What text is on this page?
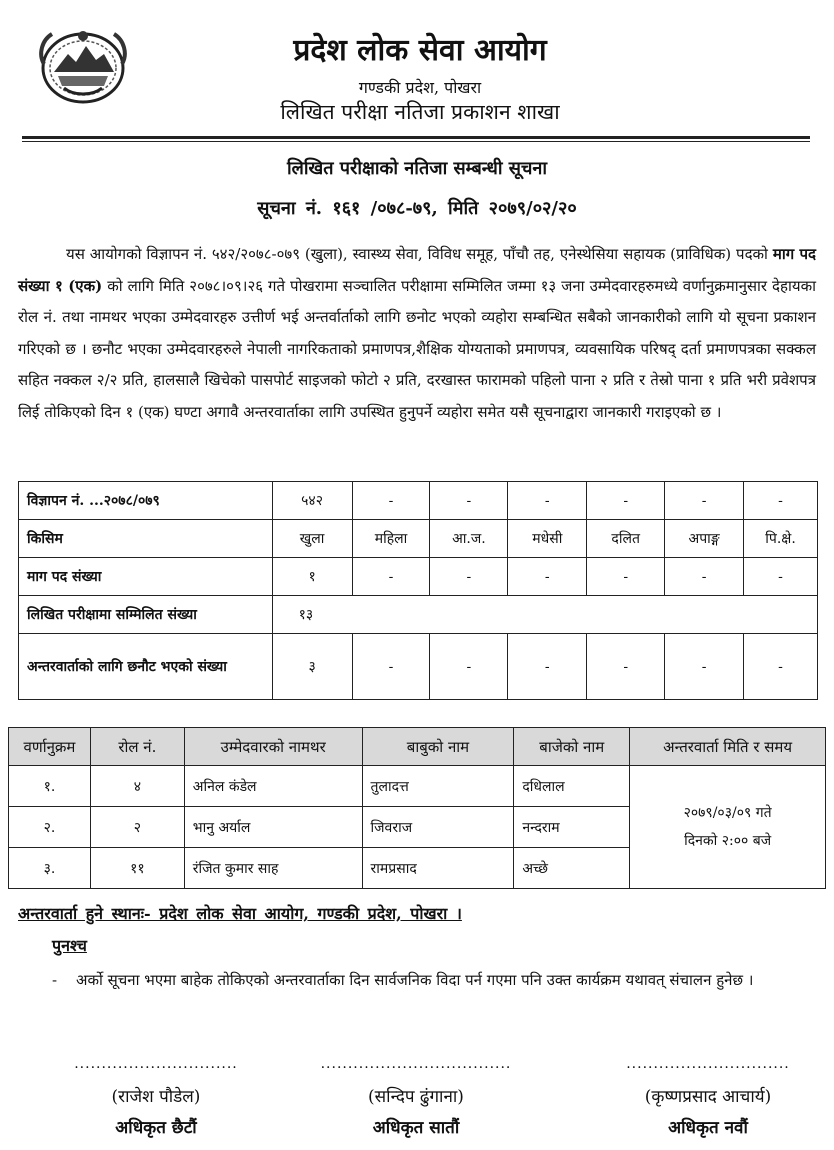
प्रदेश लोक सेवा आयोग
गण्डकी प्रदेश, पोखरा
लिखित परीक्षा नतिजा प्रकाशन शाखा
लिखित परीक्षाको नतिजा सम्बन्धी सूचना
सूचना नं. १६१ /०७८-७९, मिति २०७९/०२/२०
यस आयोगको विज्ञापन नं. ५४२/२०७८-०७९ (खुला), स्वास्थ्य सेवा, विविध समूह, पाँचौ तह, एनेस्थेसिया सहायक (प्राविधिक) पदको माग पद संख्या १ (एक) को लागि मिति २०७८।०९।२६ गते पोखरामा सञ्चालित परीक्षामा सम्मिलित जम्मा १३ जना उम्मेदवारहरुमध्ये वर्णानुक्रमानुसार देहायका रोल नं. तथा नामथर भएका उम्मेदवारहरु उत्तीर्ण भई अन्तर्वार्ताको लागि छनोट भएको व्यहोरा सम्बन्धित सबैको जानकारीको लागि यो सूचना प्रकाशन गरिएको छ । छनौट भएका उम्मेदवारहरुले नेपाली नागरिकताको प्रमाणपत्र,शैक्षिक योग्यताको प्रमाणपत्र, व्यवसायिक परिषद् दर्ता प्रमाणपत्रका सक्कल सहित नक्कल २/२ प्रति, हालसालै खिचेको पासपोर्ट साइजको फोटो २ प्रति, दरखास्त फारामको पहिलो पाना २ प्रति र तेस्रो पाना १ प्रति भरी प्रवेशपत्र लिई तोकिएको दिन १ (एक) घण्टा अगावै अन्तरवार्ताका लागि उपस्थित हुनुपर्ने व्यहोरा समेत यसै सूचनाद्वारा जानकारी गराइएको छ ।
विज्ञापन नं. ...२०७८/०७९	५४२	-	-	-	-	-	-
किसिम	खुला	महिला	आ.ज.	मधेसी	दलित	अपाङ्ग	पि.क्षे.
माग पद संख्या	१	-	-	-	-	-	-
लिखित परीक्षामा सम्मिलित संख्या	१३						
अन्तरवार्ताको लागि छनौट भएको संख्या	३	-	-	-	-	-	-
वर्णानुक्रम	रोल नं.	उम्मेदवारको नामथर	बाबुको नाम	बाजेको नाम	अन्तरवार्ता मिति र समय
१.	४	अनिल कंडेल	तुलादत्त	दधिलाल	२०७९/०३/०९ गते
दिनको २:०० बजे

२.	२	भानु अर्याल	जिवराज	नन्दराम	
३.	११	रंजित कुमार साह	रामप्रसाद	अच्छे	
अन्तरवार्ता हुने स्थानः- प्रदेश लोक सेवा आयोग, गण्डकी प्रदेश, पोखरा ।
पुनश्च
- अर्को सूचना भएमा बाहेक तोकिएको अन्तरवार्ताका दिन सार्वजनिक विदा पर्न गएमा पनि उक्त कार्यक्रम यथावत् संचालन हुनेछ ।
..............................
(राजेश पौडेल)
अधिकृत छैटौं
...................................
(सन्दिप ढुंगाना)
अधिकृत सातौं
..............................
(कृष्णप्रसाद आचार्य)
अधिकृत नवौं
